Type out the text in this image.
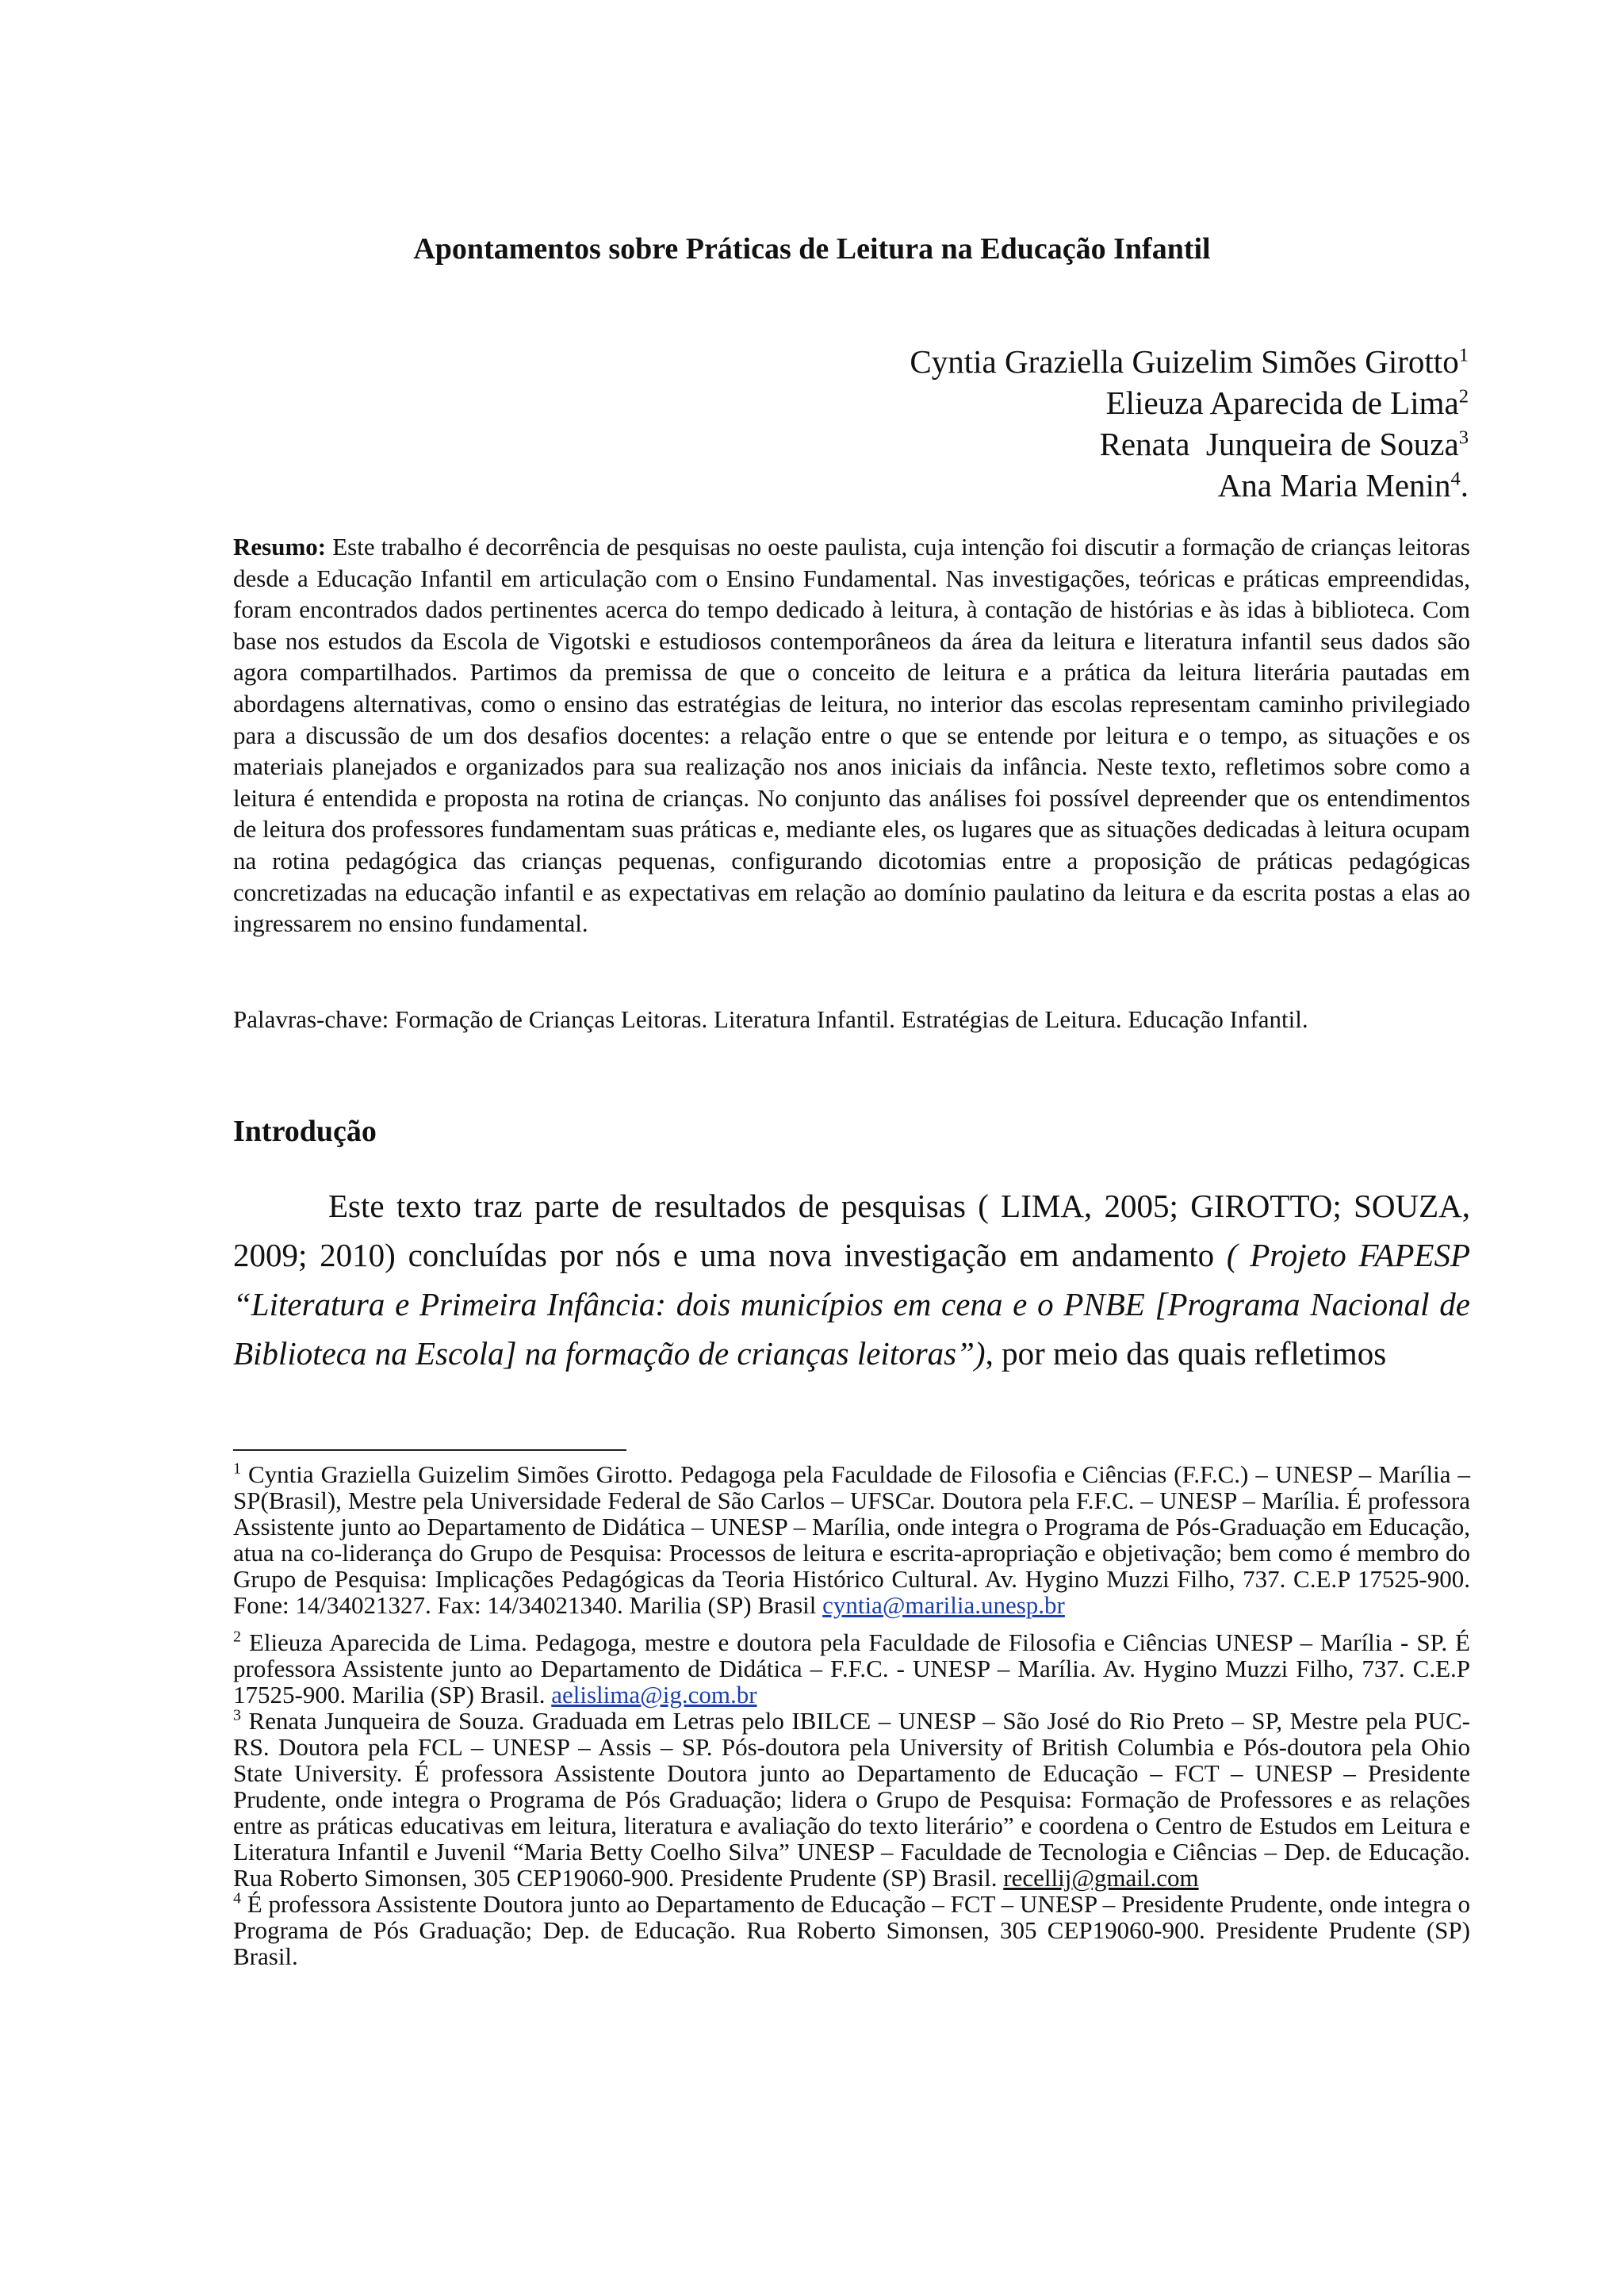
Apontamentos sobre Práticas de Leitura na Educação Infantil
Cyntia Graziella Guizelim Simões Girotto$^1$
Elieuza Aparecida de Lima$^2$
Renata  Junqueira de Souza$^3$
Ana Maria Menin$^4$.
Resumo: Este trabalho é decorrência de pesquisas no oeste paulista, cuja intenção foi discutir a formação de crianças leitoras desde a Educação Infantil em articulação com o Ensino Fundamental. Nas investigações, teóricas e práticas empreendidas, foram encontrados dados pertinentes acerca do tempo dedicado à leitura, à contação de histórias e às idas à biblioteca. Com base nos estudos da Escola de Vigotski e estudiosos contemporâneos da área da leitura e literatura infantil seus dados são agora compartilhados. Partimos da premissa de que o conceito de leitura e a prática da leitura literária pautadas em abordagens alternativas, como o ensino das estratégias de leitura, no interior das escolas representam caminho privilegiado para a discussão de um dos desafios docentes: a relação entre o que se entende por leitura e o tempo, as situações e os materiais planejados e organizados para sua realização nos anos iniciais da infância. Neste texto, refletimos sobre como a leitura é entendida e proposta na rotina de crianças. No conjunto das análises foi possível depreender que os entendimentos de leitura dos professores fundamentam suas práticas e, mediante eles, os lugares que as situações dedicadas à leitura ocupam na rotina pedagógica das crianças pequenas, configurando dicotomias entre a proposição de práticas pedagógicas concretizadas na educação infantil e as expectativas em relação ao domínio paulatino da leitura e da escrita postas a elas ao ingressarem no ensino fundamental.
Palavras-chave: Formação de Crianças Leitoras. Literatura Infantil. Estratégias de Leitura. Educação Infantil.
Introdução
Este texto traz parte de resultados de pesquisas ( LIMA, 2005; GIROTTO; SOUZA, 2009; 2010) concluídas por nós e uma nova investigação em andamento ( Projeto FAPESP “Literatura e Primeira Infância: dois municípios em cena e o PNBE [Programa Nacional de Biblioteca na Escola] na formação de crianças leitoras”), por meio das quais refletimos

$^1$ Cyntia Graziella Guizelim Simões Girotto. Pedagoga pela Faculdade de Filosofia e Ciências (F.F.C.) – UNESP – Marília – SP(Brasil), Mestre pela Universidade Federal de São Carlos – UFSCar. Doutora pela F.F.C. – UNESP – Marília. É professora Assistente junto ao Departamento de Didática – UNESP – Marília, onde integra o Programa de Pós-Graduação em Educação, atua na co-liderança do Grupo de Pesquisa: Processos de leitura e escrita-apropriação e objetivação; bem como é membro do Grupo de Pesquisa: Implicações Pedagógicas da Teoria Histórico Cultural. Av. Hygino Muzzi Filho, 737. C.E.P 17525-900. Fone: 14/34021327. Fax: 14/34021340. Marilia (SP) Brasil cyntia@marilia.unesp.br

$^2$ Elieuza Aparecida de Lima. Pedagoga, mestre e doutora pela Faculdade de Filosofia e Ciências UNESP – Marília - SP. É professora Assistente junto ao Departamento de Didática – F.F.C. - UNESP – Marília. Av. Hygino Muzzi Filho, 737. C.E.P 17525-900. Marilia (SP) Brasil. aelislima@ig.com.br

$^3$ Renata Junqueira de Souza. Graduada em Letras pelo IBILCE – UNESP – São José do Rio Preto – SP, Mestre pela PUC-RS. Doutora pela FCL – UNESP – Assis – SP. Pós-doutora pela University of British Columbia e Pós-doutora pela Ohio State University. É professora Assistente Doutora junto ao Departamento de Educação – FCT – UNESP – Presidente Prudente, onde integra o Programa de Pós Graduação; lidera o Grupo de Pesquisa: Formação de Professores e as relações entre as práticas educativas em leitura, literatura e avaliação do texto literário” e coordena o Centro de Estudos em Leitura e Literatura Infantil e Juvenil “Maria Betty Coelho Silva” UNESP – Faculdade de Tecnologia e Ciências – Dep. de Educação. Rua Roberto Simonsen, 305 CEP19060-900. Presidente Prudente (SP) Brasil. recellij@gmail.com

$^4$ É professora Assistente Doutora junto ao Departamento de Educação – FCT – UNESP – Presidente Prudente, onde integra o Programa de Pós Graduação; Dep. de Educação. Rua Roberto Simonsen, 305 CEP19060-900. Presidente Prudente (SP) Brasil.
